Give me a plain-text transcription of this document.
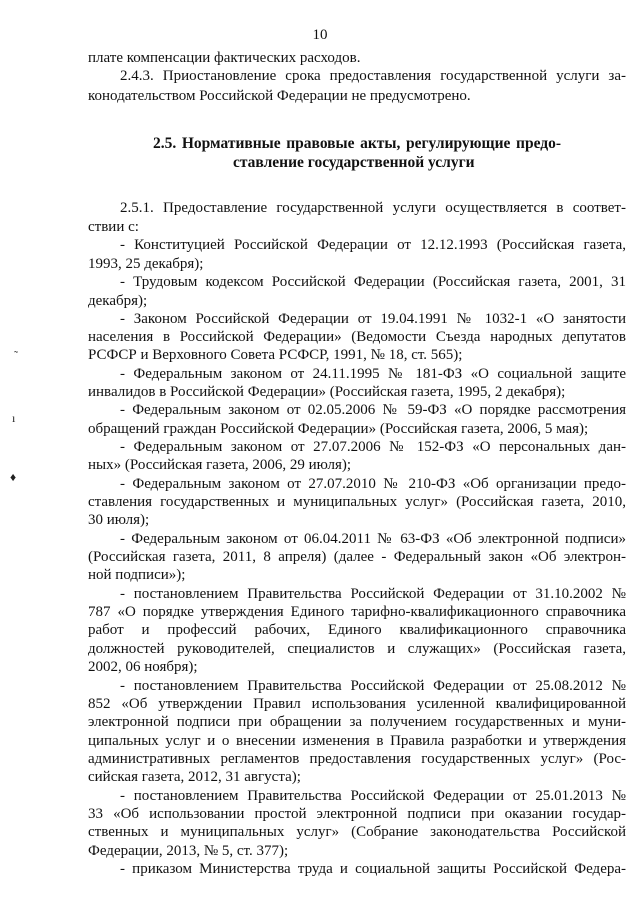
10
плате компенсации фактических расходов.
2.4.3. Приостановление срока предоставления государственной услуги за-
конодательством Российской Федерации не предусмотрено.
2.5. Нормативные правовые акты, регулирующие предо-
ставление государственной услуги
2.5.1. Предоставление государственной услуги осуществляется в соответ-
ствии с:
- Конституцией Российской Федерации от 12.12.1993 (Российская газета,
1993, 25 декабря);
- Трудовым кодексом Российской Федерации (Российская газета, 2001, 31
декабря);
- Законом Российской Федерации от 19.04.1991 № 1032-1 «О занятости
населения в Российской Федерации» (Ведомости Съезда народных депутатов
РСФСР и Верховного Совета РСФСР, 1991, № 18, ст. 565);
- Федеральным законом от 24.11.1995 № 181-ФЗ «О социальной защите
инвалидов в Российской Федерации» (Российская газета, 1995, 2 декабря);
- Федеральным законом от 02.05.2006 № 59-ФЗ «О порядке рассмотрения
обращений граждан Российской Федерации» (Российская газета, 2006, 5 мая);
- Федеральным законом от 27.07.2006 № 152-ФЗ «О персональных дан-
ных» (Российская газета, 2006, 29 июля);
- Федеральным законом от 27.07.2010 № 210-ФЗ «Об организации предо-
ставления государственных и муниципальных услуг» (Российская газета, 2010,
30 июля);
- Федеральным законом от 06.04.2011 № 63-ФЗ «Об электронной подписи»
(Российская газета, 2011, 8 апреля) (далее - Федеральный закон «Об электрон-
ной подписи»);
- постановлением Правительства Российской Федерации от 31.10.2002 №
787 «О порядке утверждения Единого тарифно-квалификационного справочника
работ и профессий рабочих, Единого квалификационного справочника
должностей руководителей, специалистов и служащих» (Российская газета,
2002, 06 ноября);
- постановлением Правительства Российской Федерации от 25.08.2012 №
852 «Об утверждении Правил использования усиленной квалифицированной
электронной подписи при обращении за получением государственных и муни-
ципальных услуг и о внесении изменения в Правила разработки и утверждения
административных регламентов предоставления государственных услуг» (Рос-
сийская газета, 2012, 31 августа);
- постановлением Правительства Российской Федерации от 25.01.2013 №
33 «Об использовании простой электронной подписи при оказании государ-
ственных и муниципальных услуг» (Собрание законодательства Российской
Федерации, 2013, № 5, ст. 377);
- приказом Министерства труда и социальной защиты Российской Федера-
˜
ı
♦
